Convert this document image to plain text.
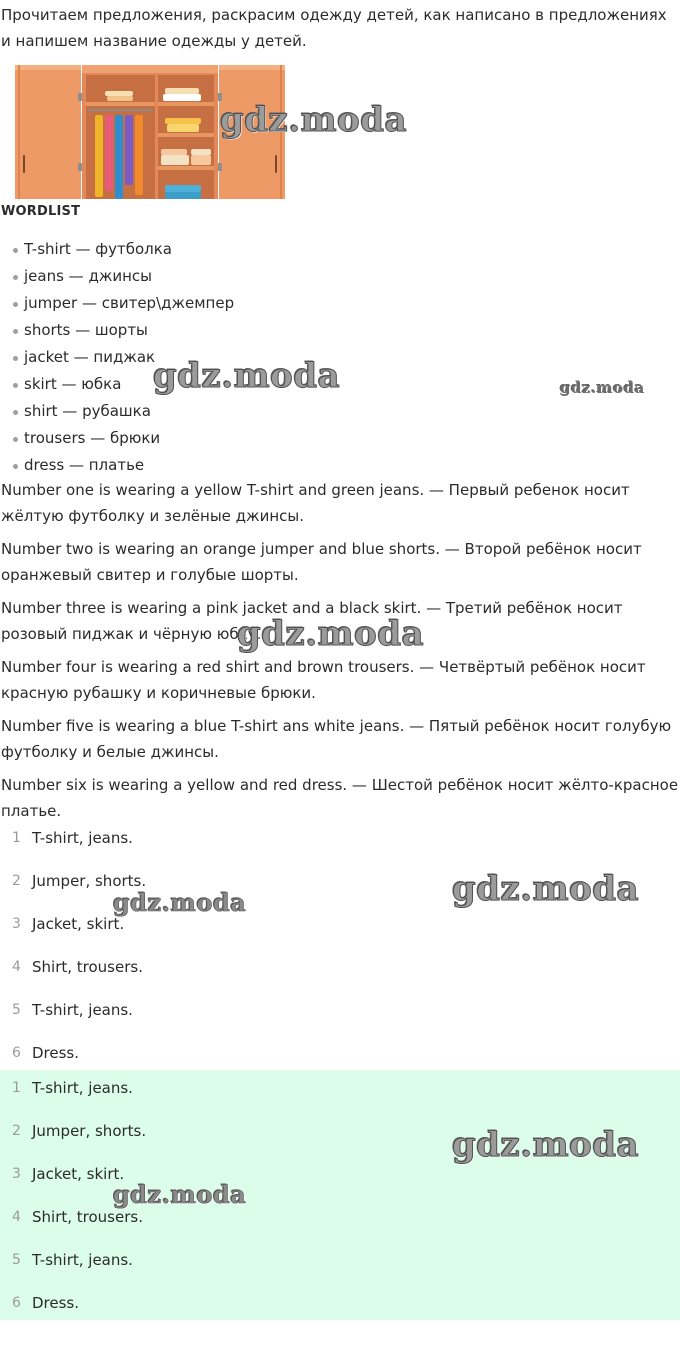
Прочитаем предложения, раскрасим одежду детей, как написано в предложениях и напишем название одежды у детей.

WORDLIST
T-shirt — футболка
jeans — джинсы
jumper — свитер\джемпер
shorts — шорты
jacket — пиджак
skirt — юбка
shirt — рубашка
trousers — брюки
dress — платье

Number one is wearing a yellow T-shirt and green jeans. — Первый ребенок носит жёлтую футболку и зелёные джинсы.

Number two is wearing an orange jumper and blue shorts. — Второй ребёнок носит оранжевый свитер и голубые шорты.

Number three is wearing a pink jacket and a black skirt. — Третий ребёнок носит розовый пиджак и чёрную юбку.

Number four is wearing a red shirt and brown trousers. — Четвёртый ребёнок носит красную рубашку и коричневые брюки.

Number five is wearing a blue T-shirt ans white jeans. — Пятый ребёнок носит голубую футболку и белые джинсы.

Number six is wearing a yellow and red dress. — Шестой ребёнок носит жёлто-красное платье.

1 T-shirt, jeans.
2 Jumper, shorts.
3 Jacket, skirt.
4 Shirt, trousers.
5 T-shirt, jeans.
6 Dress.
1 T-shirt, jeans.
2 Jumper, shorts.
3 Jacket, skirt.
4 Shirt, trousers.
5 T-shirt, jeans.
6 Dress.
gdz.moda
gdz.moda	gdz.moda
gdz.moda
gdz.moda
gdz.moda
gdz.moda
gdz.moda
